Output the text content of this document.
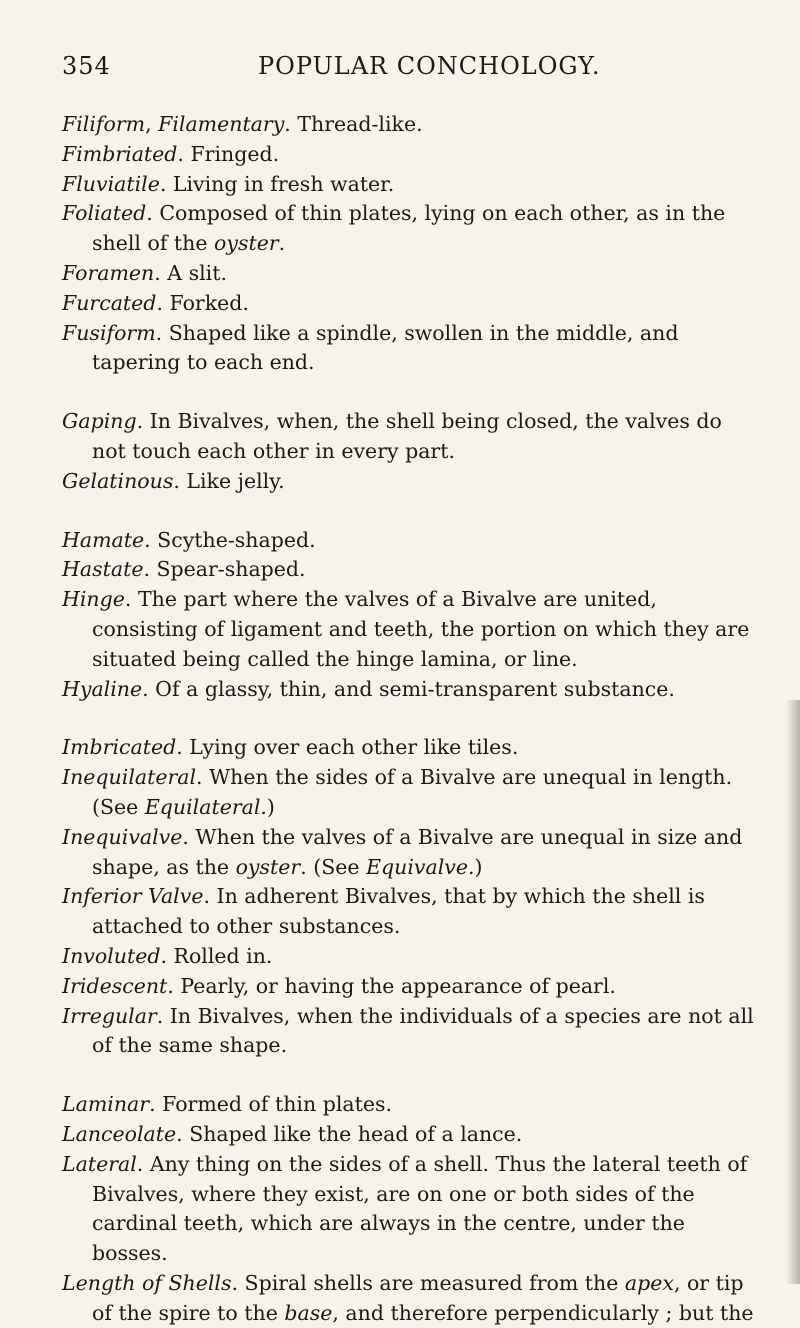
354	POPULAR CONCHOLOGY.

Filiform, Filamentary. Thread-like.

Fimbriated. Fringed.

Fluviatile. Living in fresh water.

Foliated. Composed of thin plates, lying on each other, as in the shell of the oyster.

Foramen. A slit.

Furcated. Forked.

Fusiform. Shaped like a spindle, swollen in the middle, and tapering to each end.

Gaping. In Bivalves, when, the shell being closed, the valves do not touch each other in every part.

Gelatinous. Like jelly.

Hamate. Scythe-shaped.

Hastate. Spear-shaped.

Hinge. The part where the valves of a Bivalve are united, consisting of ligament and teeth, the portion on which they are situated being called the hinge lamina, or line.

Hyaline. Of a glassy, thin, and semi-transparent substance.

Imbricated. Lying over each other like tiles.

Inequilateral. When the sides of a Bivalve are unequal in length. (See Equilateral.)

Inequivalve. When the valves of a Bivalve are unequal in size and shape, as the oyster. (See Equivalve.)

Inferior Valve. In adherent Bivalves, that by which the shell is attached to other substances.

Involuted. Rolled in.

Iridescent. Pearly, or having the appearance of pearl.

Irregular. In Bivalves, when the individuals of a species are not all of the same shape.

Laminar. Formed of thin plates.

Lanceolate. Shaped like the head of a lance.

Lateral. Any thing on the sides of a shell. Thus the lateral teeth of Bivalves, where they exist, are on one or both sides of the cardinal teeth, which are always in the centre, under the bosses.

Length of Shells. Spiral shells are measured from the apex, or tip of the spire to the base, and therefore perpendicularly ; but the
